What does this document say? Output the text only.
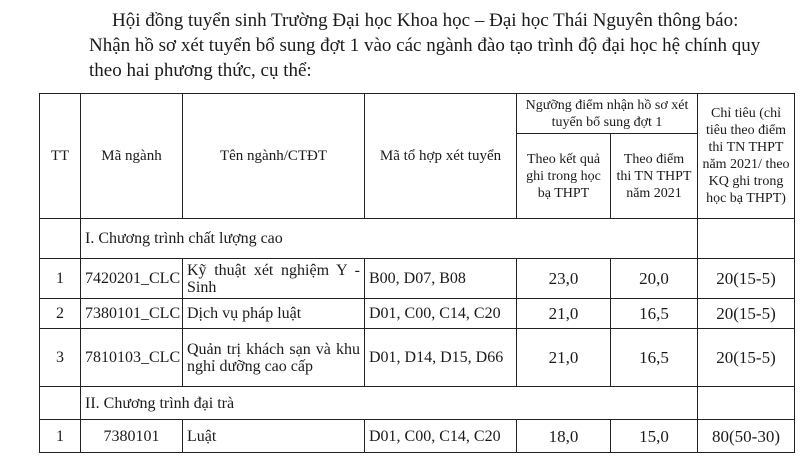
Hội đồng tuyển sinh Trường Đại học Khoa học – Đại học Thái Nguyên thông báo:
Nhận hồ sơ xét tuyển bổ sung đợt 1 vào các ngành đào tạo trình độ đại học hệ chính quy
theo hai phương thức, cụ thể:
TT	Mã ngành	Tên ngành/CTĐT	Mã tổ hợp xét tuyển	Ngưỡng điểm nhận hồ sơ xét tuyển bổ sung đợt 1		Chỉ tiêu (chỉ tiêu theo điểm thi TN THPT năm 2021/ theo KQ ghi trong học bạ THPT)
				Theo kết quả ghi trong học bạ THPT	Theo điểm thi TN THPT năm 2021	
	I. Chương trình chất lượng cao					
1	7420201_CLC	Kỹ thuật xét nghiệm Y - Sinh	B00, D07, B08	23,0	20,0	20(15-5)
2	7380101_CLC	Dịch vụ pháp luật	D01, C00, C14, C20	21,0	16,5	20(15-5)
3	7810103_CLC	Quản trị khách sạn và khu nghỉ dưỡng cao cấp	D01, D14, D15, D66	21,0	16,5	20(15-5)
	II. Chương trình đại trà					
1	7380101	Luật	D01, C00, C14, C20	18,0	15,0	80(50-30)
